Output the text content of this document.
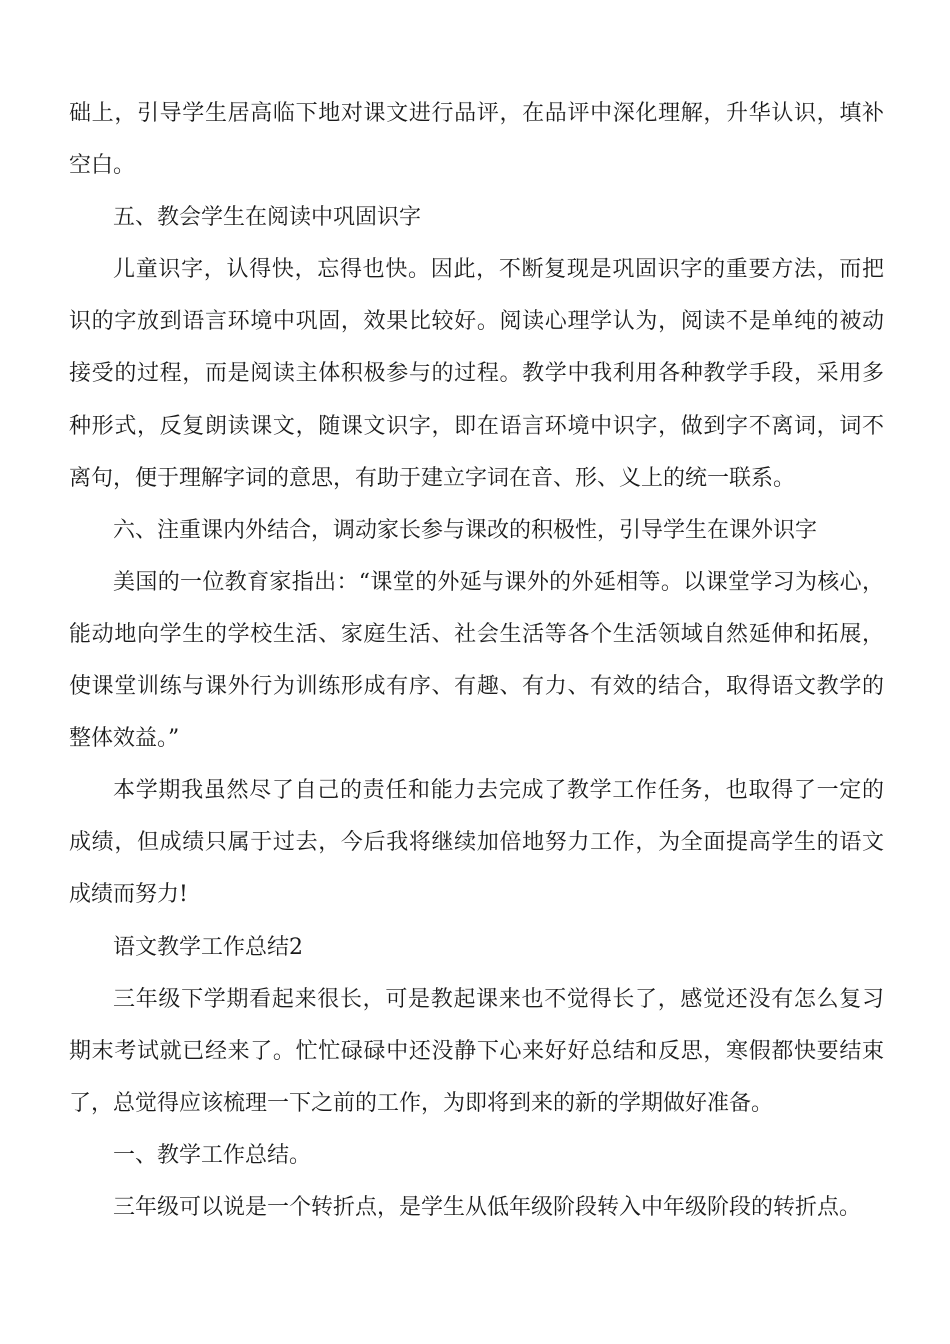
础上，引导学生居高临下地对课文进行品评，在品评中深化理解，升华认识，填补

空白。

五、教会学生在阅读中巩固识字

儿童识字，认得快，忘得也快。因此，不断复现是巩固识字的重要方法，而把

识的字放到语言环境中巩固，效果比较好。阅读心理学认为，阅读不是单纯的被动

接受的过程，而是阅读主体积极参与的过程。教学中我利用各种教学手段，采用多

种形式，反复朗读课文，随课文识字，即在语言环境中识字，做到字不离词，词不

离句，便于理解字词的意思，有助于建立字词在音、形、义上的统一联系。

六、注重课内外结合，调动家长参与课改的积极性，引导学生在课外识字

美国的一位教育家指出：“课堂的外延与课外的外延相等。以课堂学习为核心，

能动地向学生的学校生活、家庭生活、社会生活等各个生活领域自然延伸和拓展，

使课堂训练与课外行为训练形成有序、有趣、有力、有效的结合，取得语文教学的

整体效益。”

本学期我虽然尽了自己的责任和能力去完成了教学工作任务，也取得了一定的

成绩，但成绩只属于过去，今后我将继续加倍地努力工作，为全面提高学生的语文

成绩而努力!

语文教学工作总结2

三年级下学期看起来很长，可是教起课来也不觉得长了，感觉还没有怎么复习

期末考试就已经来了。忙忙碌碌中还没静下心来好好总结和反思，寒假都快要结束

了，总觉得应该梳理一下之前的工作，为即将到来的新的学期做好准备。

一、教学工作总结。

三年级可以说是一个转折点，是学生从低年级阶段转入中年级阶段的转折点。
